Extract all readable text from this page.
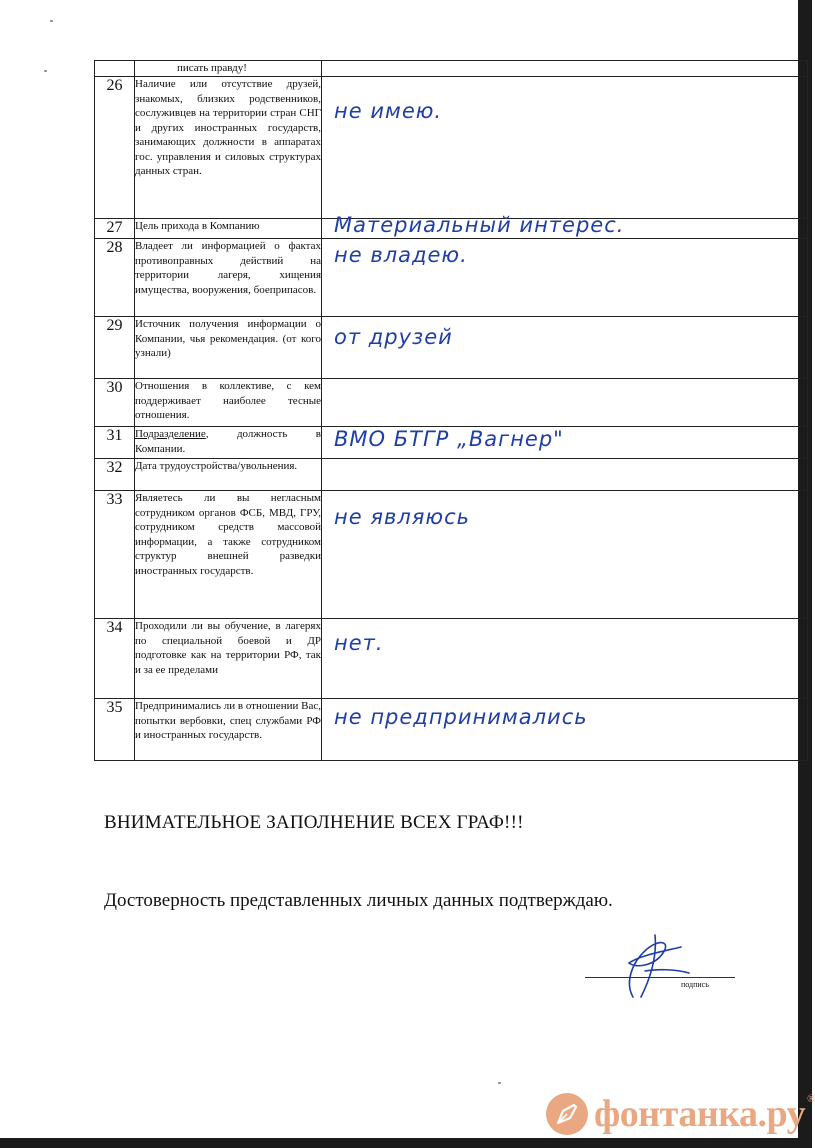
	писать правду!	
26	Наличие или отсутствие друзей, знакомых, близких родственников, сослуживцев на территории стран СНГ и других иностранных государств, занимающих должности в аппаратах гос. управления и силовых структурах данных стран.	не имею.

27	Цель прихода в Компанию	Материальный интерес.

28	Владеет ли информацией о фактах противоправных действий на территории лагеря, хищения имущества, вооружения, боеприпасов.	не владею.

29	Источник получения информации о Компании, чья рекомендация. (от кого узнали)	от друзей

30	Отношения в коллективе, с кем поддерживает наиболее тесные отношения.	
31	Подразделение, должность в Компании.	ВМО БТГР „Вагнер"

32	Дата трудоустройства/увольнения.	
33	Являетесь ли вы негласным сотрудником органов ФСБ, МВД, ГРУ, сотрудником средств массовой информации, а также сотрудником структур внешней разведки иностранных государств.	не являюсь

34	Проходили ли вы обучение, в лагерях по специальной боевой и ДР подготовке как на территории РФ, так и за ее пределами	нет.

35	Предпринимались ли в отношении Вас, попытки вербовки, спец службами РФ и иностранных государств.	не предпринимались
ВНИМАТЕЛЬНОЕ ЗАПОЛНЕНИЕ ВСЕХ ГРАФ!!!
Достоверность представленных личных данных подтверждаю.
подпись
фонтанка.ру ®
